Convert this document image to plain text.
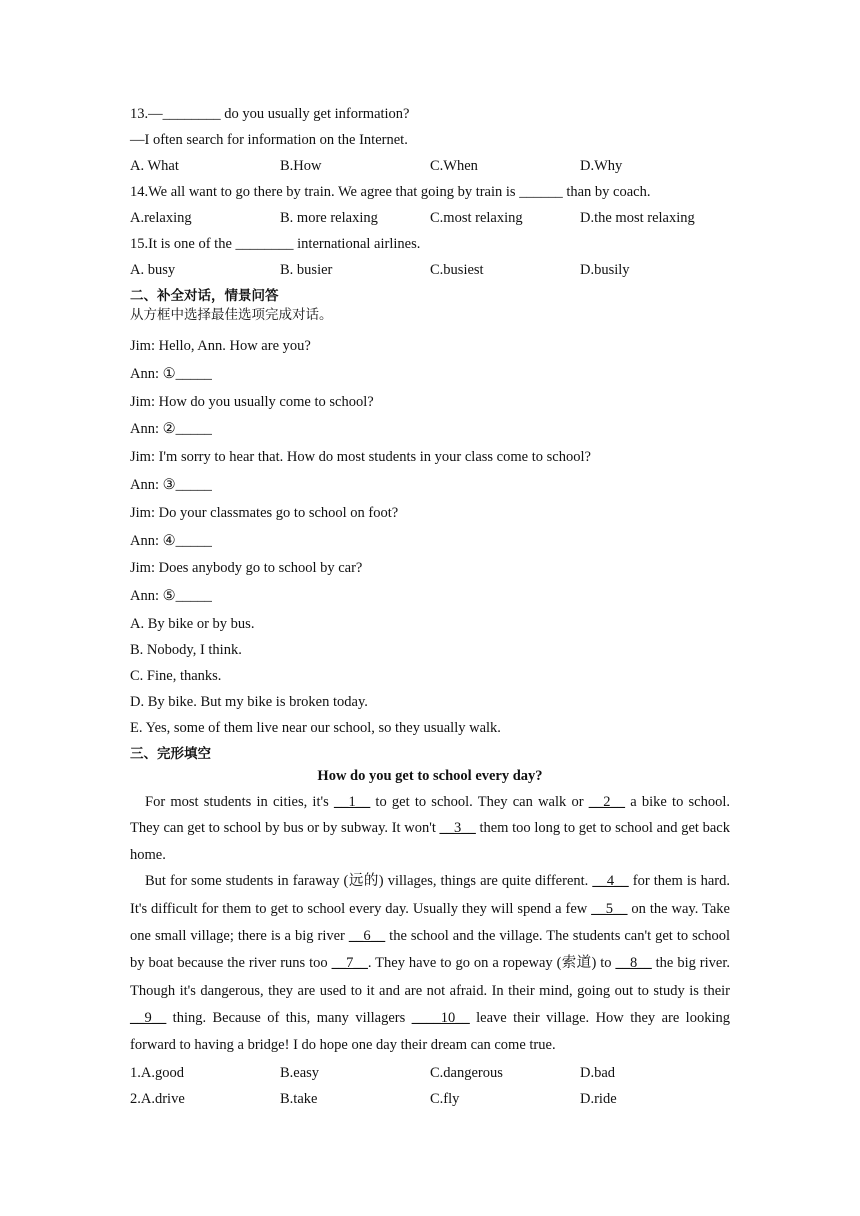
13.—________ do you usually get information?
—I often search for information on the Internet.
A. What	B.How	C.When	D.Why
14.We all want to go there by train. We agree that going by train is ______ than by coach.
A.relaxing	B. more relaxing	C.most relaxing	D.the most relaxing
15.It is one of the ________ international airlines.
A. busy	B. busier	C.busiest	D.busily
二、补全对话，情景问答
从方框中选择最佳选项完成对话。
Jim: Hello, Ann. How are you?
Ann: ①_____
Jim: How do you usually come to school?
Ann: ②_____
Jim: I'm sorry to hear that. How do most students in your class come to school?
Ann: ③_____
Jim: Do your classmates go to school on foot?
Ann: ④_____
Jim: Does anybody go to school by car?
Ann: ⑤_____
A. By bike or by bus.
B. Nobody, I think.
C. Fine, thanks.
D. By bike. But my bike is broken today.
E. Yes, some of them live near our school, so they usually walk.
三、完形填空
How do you get to school every day?
For most students in cities, it's __1__ to get to school. They can walk or __2__ a bike to school. They can get to school by bus or by subway. It won't __3__ them too long to get to school and get back home.
But for some students in faraway (远的) villages, things are quite different. __4__ for them is hard. It's difficult for them to get to school every day. Usually they will spend a few __5__ on the way. Take one small village; there is a big river __6__ the school and the village. The students can't get to school by boat because the river runs too __7__. They have to go on a ropeway (索道) to __8__ the big river. Though it's dangerous, they are used to it and are not afraid. In their mind, going out to study is their __9__ thing. Because of this, many villagers ____10__ leave their village. How they are looking forward to having a bridge! I do hope one day their dream can come true.
1.A.good	B.easy	C.dangerous	D.bad
2.A.drive	B.take	C.fly	D.ride
